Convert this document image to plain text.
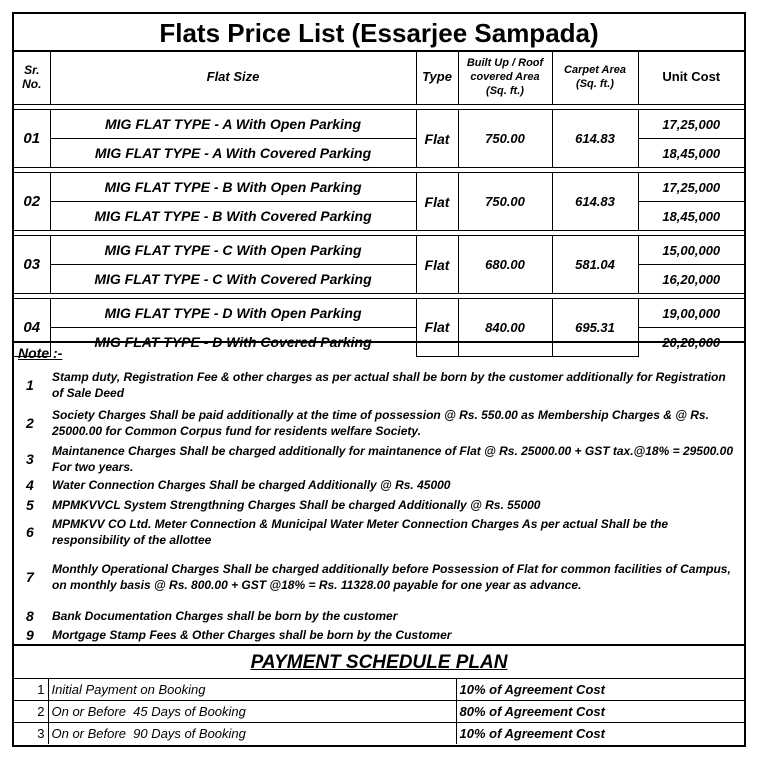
Flats Price List (Essarjee Sampada)
Sr. No.	Flat Size	Type	Built Up / Roof covered Area (Sq. ft.)	Carpet Area (Sq. ft.)	Unit Cost

01	MIG FLAT TYPE - A With Open Parking	Flat	750.00	614.83	17,25,000
	MIG FLAT TYPE - A With Covered Parking				18,45,000

02	MIG FLAT TYPE - B With Open Parking	Flat	750.00	614.83	17,25,000
	MIG FLAT TYPE - B With Covered Parking				18,45,000

03	MIG FLAT TYPE - C With Open Parking	Flat	680.00	581.04	15,00,000
	MIG FLAT TYPE - C With Covered Parking				16,20,000

04	MIG FLAT TYPE - D With Open Parking	Flat	840.00	695.31	19,00,000
	MIG FLAT TYPE - D With Covered Parking				20,20,000
Note :-
1	Stamp duty, Registration Fee & other charges as per actual shall be born by the customer additionally for Registration of Sale Deed
2	Society Charges Shall be paid additionally at the time of possession @ Rs. 550.00 as Membership Charges & @ Rs. 25000.00 for Common Corpus fund for residents welfare Society.
3	Maintanence Charges Shall be charged additionally for maintanence of Flat @ Rs. 25000.00 + GST tax.@18% = 29500.00 For two years.
4	Water Connection Charges Shall be charged Additionally @ Rs. 45000
5	MPMKVVCL System Strengthning Charges Shall be charged Additionally @ Rs. 55000
6	MPMKVV CO Ltd. Meter Connection & Municipal Water Meter Connection Charges As per actual Shall be the responsibility of the allottee
7	Monthly Operational Charges Shall be charged additionally before Possession of Flat for common facilities of Campus, on monthly basis @ Rs. 800.00 + GST @18% = Rs. 11328.00 payable for one year as advance.
8	Bank Documentation Charges shall be born by the customer
9	Mortgage Stamp Fees & Other Charges shall be born by the Customer
PAYMENT SCHEDULE PLAN
1	Initial Payment on Booking	10% of Agreement Cost
2	On or Before  45 Days of Booking	80% of Agreement Cost
3	On or Before  90 Days of Booking	10% of Agreement Cost
